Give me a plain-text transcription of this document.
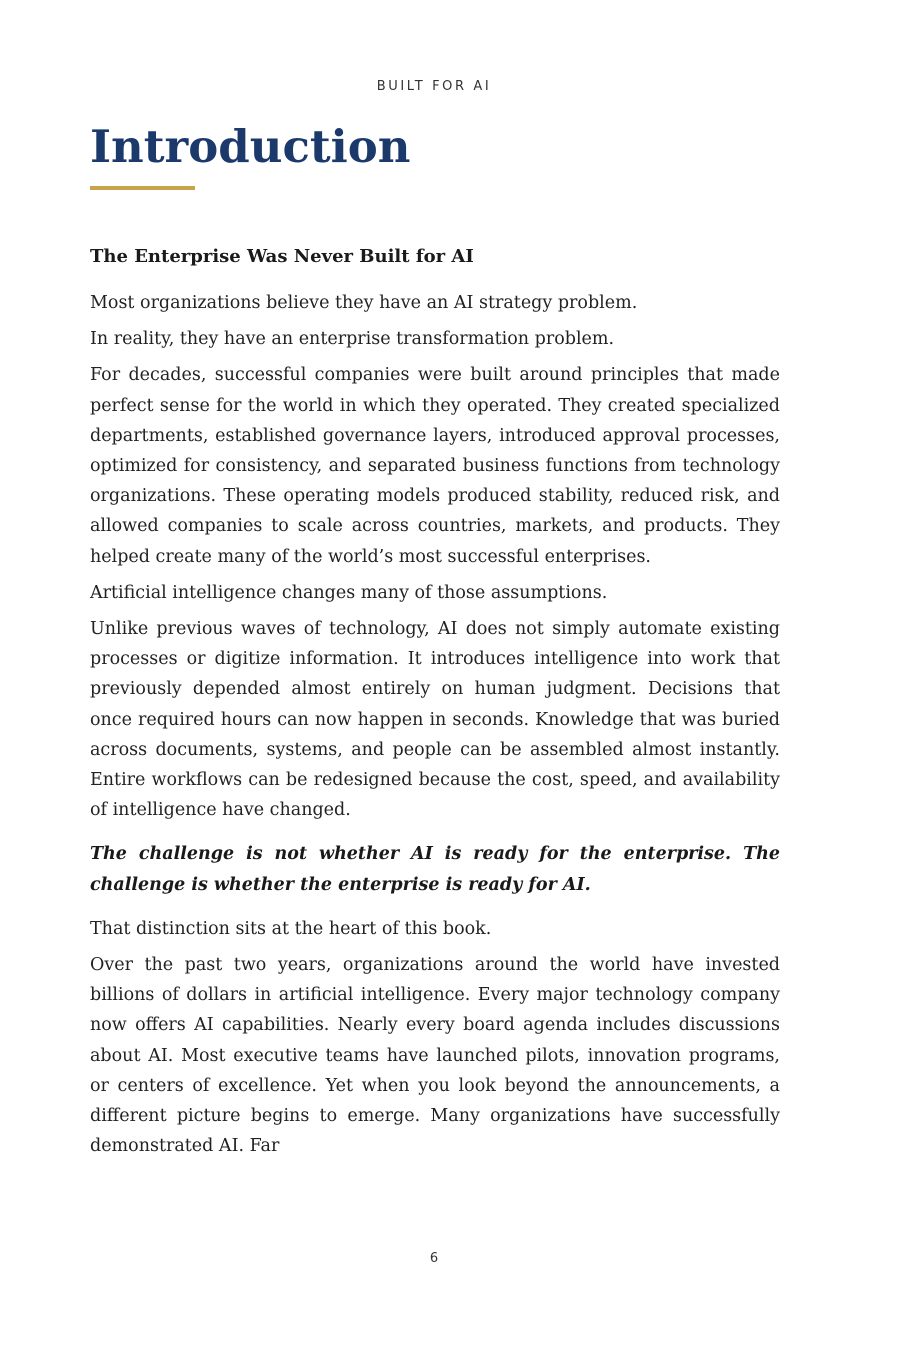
BUILT FOR AI
Introduction
The Enterprise Was Never Built for AI

Most organizations believe they have an AI strategy problem.

In reality, they have an enterprise transformation problem.

For decades, successful companies were built around principles that made perfect sense for the world in which they operated. They created specialized departments, established governance layers, introduced approval processes, optimized for consistency, and separated business functions from technology organizations. These operating models produced stability, reduced risk, and allowed companies to scale across countries, markets, and products. They helped create many of the world’s most successful enterprises.

Artificial intelligence changes many of those assumptions.

Unlike previous waves of technology, AI does not simply automate existing processes or digitize information. It introduces intelligence into work that previously depended almost entirely on human judgment. Decisions that once required hours can now happen in seconds. Knowledge that was buried across documents, systems, and people can be assembled almost instantly. Entire workflows can be redesigned because the cost, speed, and availability of intelligence have changed.

The challenge is not whether AI is ready for the enterprise. The challenge is whether the enterprise is ready for AI.

That distinction sits at the heart of this book.

Over the past two years, organizations around the world have invested billions of dollars in artificial intelligence. Every major technology company now offers AI capabilities. Nearly every board agenda includes discussions about AI. Most executive teams have launched pilots, innovation programs, or centers of excellence. Yet when you look beyond the announcements, a different picture begins to emerge. Many organizations have successfully demonstrated AI. Far

6
